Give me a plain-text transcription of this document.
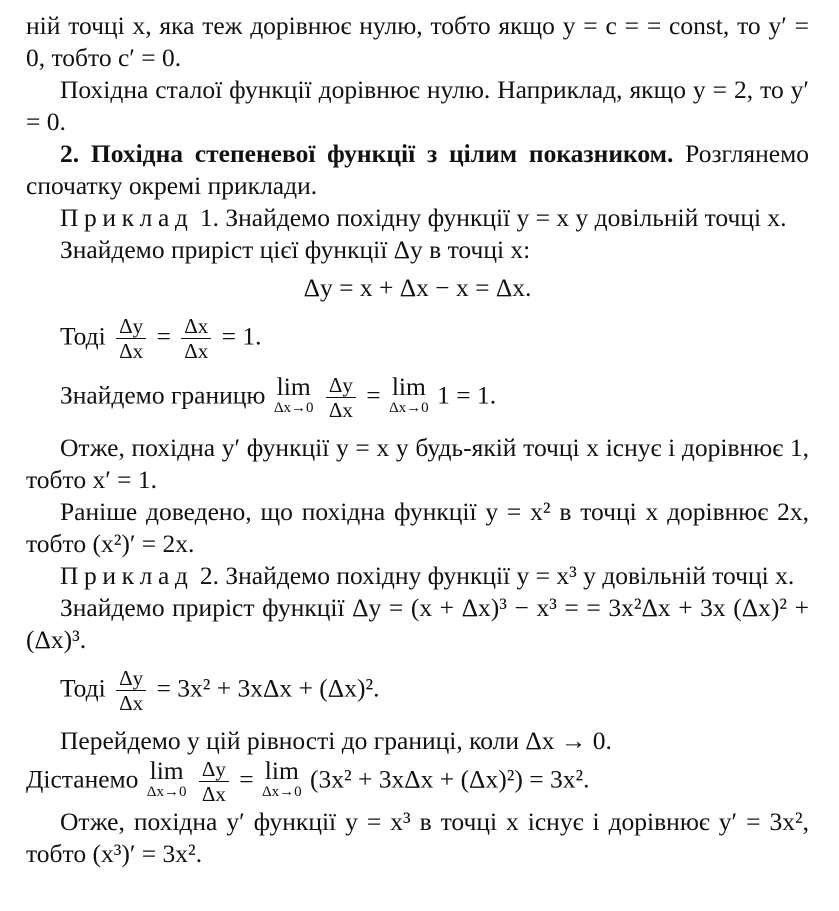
ній точці x, яка теж дорівнює нулю, тобто якщо y = c = = const, то y′ = 0, тобто c′ = 0.

Похідна сталої функції дорівнює нулю. Наприклад, якщо y = 2, то y′ = 0.

2. Похідна степеневої функції з цілим показником. Розглянемо спочатку окремі приклади.

Приклад 1. Знайдемо похідну функції y = x у довільній точці x.

Знайдемо приріст цієї функції Δy в точці x:

Δy = x + Δx − x = Δx.

Тоді $\frac{\Delta y}{\Delta x} = \frac{\Delta x}{\Delta x} = 1$.
Знайдемо границю lim
Δx→0
$\frac{\Delta y}{\Delta x} = \lim$
Δx→0 1 = 1.

Отже, похідна y′ функції y = x у будь-якій точці x існує і дорівнює 1, тобто x′ = 1.

Раніше доведено, що похідна функції y = x² в точці x дорівнює 2x, тобто (x²)′ = 2x.

Приклад 2. Знайдемо похідну функції y = x³ у довільній точці x.

Знайдемо приріст функції Δy = (x + Δx)³ − x³ = = 3x²Δx + 3x (Δx)² + (Δx)³.

Тоді $\frac{\Delta y}{\Delta x} = 3x^2 + 3x\Delta x + (\Delta x)^2$.

Перейдемо у цій рівності до границі, коли Δx → 0.

Дістанемо lim
Δx→0
$\frac{\Delta y}{\Delta x} = \lim$
Δx→0 (3x² + 3xΔx + (Δx)²) = 3x².

Отже, похідна y′ функції y = x³ в точці x існує і дорівнює y′ = 3x², тобто (x³)′ = 3x².
